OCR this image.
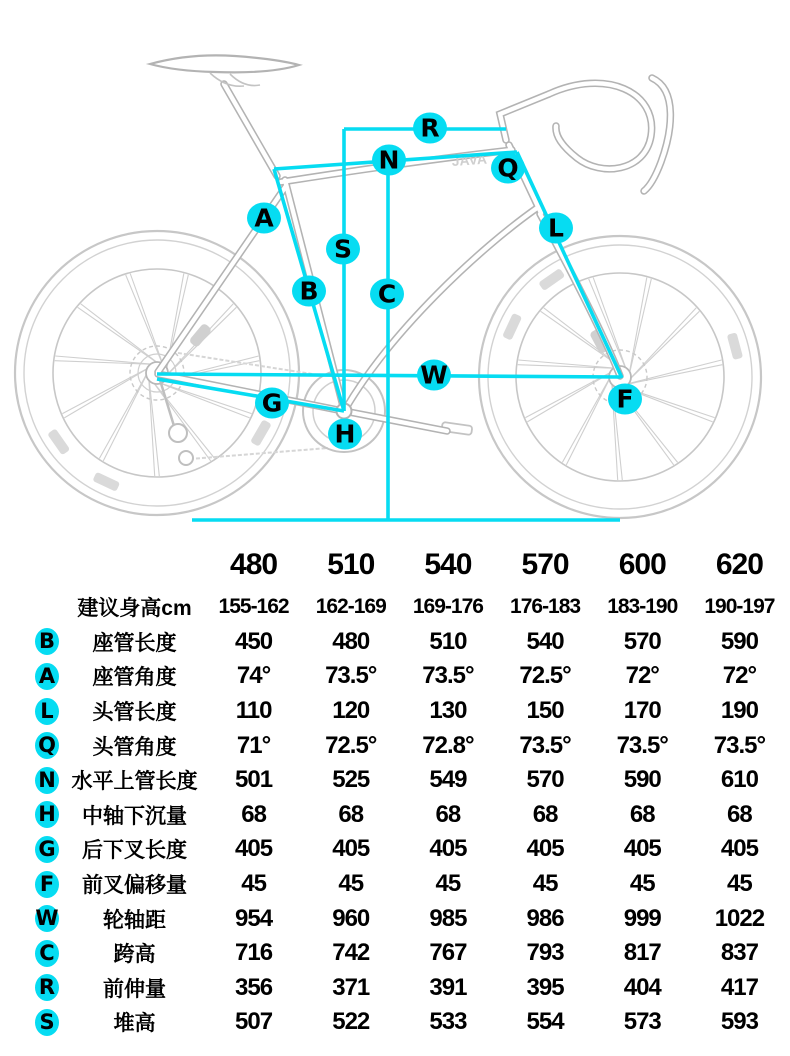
JAVA
R
N	Q
A
S
B	C
L
W
G
H
F
480	510	540	570	600	620
建议身高cm	155-162	162-169	169-176	176-183	183-190	190-197
B	座管长度	450	480	510	540	570	590
A	座管角度	74°	73.5°	73.5°	72.5°	72°	72°
L	头管长度	110	120	130	150	170	190
Q	头管角度	71°	72.5°	72.8°	73.5°	73.5°	73.5°
N 水平上管长度	501	525	549	570	590	610
H	中轴下沉量	68	68	68	68	68	68
G	后下叉长度	405	405	405	405	405	405
F	前叉偏移量	45	45	45	45	45	45
W	轮轴距	954	960	985	986	999	1022
C	跨高	716	742	767	793	817	837
R	前伸量	356	371	391	395	404	417
S	堆高	507	522	533	554	573	593
